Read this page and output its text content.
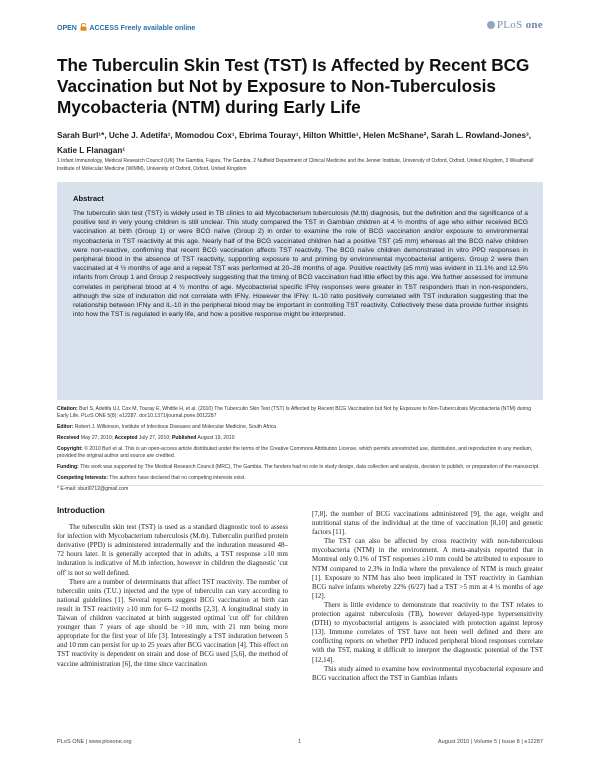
OPEN ACCESS Freely available online	PLoS one
The Tuberculin Skin Test (TST) Is Affected by Recent BCG Vaccination but Not by Exposure to Non-Tuberculosis Mycobacteria (NTM) during Early Life
Sarah Burl¹*, Uche J. Adetifa¹, Momodou Cox¹, Ebrima Touray¹, Hilton Whittle¹, Helen McShane², Sarah L. Rowland-Jones³, Katie L Flanagan¹
1 Infant Immunology, Medical Research Council (UK) The Gambia, Fajara, The Gambia, 2 Nuffield Department of Clinical Medicine and the Jenner Institute, University of Oxford, Oxford, United Kingdom, 3 Weatherall Institute of Molecular Medicine (WIMM), University of Oxford, Oxford, United Kingdom
Abstract
The tuberculin skin test (TST) is widely used in TB clinics to aid Mycobacterium tuberculosis (M.tb) diagnosis, but the definition and the significance of a positive test in very young children is still unclear. This study compared the TST in Gambian children at 4 ½ months of age who either received BCG vaccination at birth (Group 1) or were BCG naïve (Group 2) in order to examine the role of BCG vaccination and/or exposure to environmental mycobacteria in TST reactivity at this age. Nearly half of the BCG vaccinated children had a positive TST (≥5 mm) whereas all the BCG naïve children were non-reactive, confirming that recent BCG vaccination affects TST reactivity. The BCG naïve children demonstrated in vitro PPD responses in peripheral blood in the absence of TST reactivity, supporting exposure to and priming by environmental mycobacterial antigens. Group 2 were then vaccinated at 4 ½ months of age and a repeat TST was performed at 20–28 months of age. Positive reactivity (≥5 mm) was evident in 11.1% and 12.5% infants from Group 1 and Group 2 respectively suggesting that the timing of BCG vaccination had little effect by this age. We further assessed for immune correlates in peripheral blood at 4 ½ months of age. Mycobacterial specific IFNγ responses were greater in TST responders than in non-responders, although the size of induration did not correlate with IFNγ. However the IFNγ: IL-10 ratio positively correlated with TST induration suggesting that the relationship between IFNγ and IL-10 in the peripheral blood may be important in controlling TST reactivity. Collectively these data provide further insights into how the TST is regulated in early life, and how a positive response might be interpreted.

Citation: Burl S, Adetifa UJ, Cox M, Touray E, Whittle H, et al. (2010) The Tuberculin Skin Test (TST) Is Affected by Recent BCG Vaccination but Not by Exposure to Non-Tuberculosis Mycobacteria (NTM) during Early Life. PLoS ONE 5(8): e12287. doi:10.1371/journal.pone.0012287

Editor: Robert J. Wilkinson, Institute of Infectious Diseases and Molecular Medicine, South Africa

Received May 27, 2010; Accepted July 27, 2010; Published August 19, 2010

Copyright: © 2010 Burl et al. This is an open-access article distributed under the terms of the Creative Commons Attribution License, which permits unrestricted use, distribution, and reproduction in any medium, provided the original author and source are credited.

Funding: This work was supported by The Medical Research Council (MRC), The Gambia. The funders had no role in study design, data collection and analysis, decision to publish, or preparation of the manuscript.

Competing Interests: The authors have declared that no competing interests exist.

* E-mail: sburl0712@gmail.com

Introduction

The tuberculin skin test (TST) is used as a standard diagnostic tool to assess for infection with Mycobacterium tuberculosis (M.tb). Tuberculin purified protein derivative (PPD) is administered intradermally and the induration measured 48–72 hours later. It is generally accepted that in adults, a TST response ≥10 mm induration is indicative of M.tb infection, however in children the diagnostic 'cut off' is not so well defined.

There are a number of determinants that affect TST reactivity. The number of tuberculin units (T.U.) injected and the type of tuberculin can vary according to national guidelines [1]. Several reports suggest BCG vaccination at birth can result in TST reactivity ≥10 mm for 6–12 months [2,3]. A longitudinal study in Taiwan of children vaccinated at birth suggested optimal 'cut off' for children younger than 7 years of age should be >10 mm, with 21 mm being more appropriate for the first year of life [3]. Interestingly a TST induration between 5 and 10 mm can persist for up to 25 years after BCG vaccination [4]. This effect on TST reactivity is dependent on strain and dose of BCG used [5,6], the method of vaccine administration [6], the time since vaccination

[7,8], the number of BCG vaccinations administered [9], the age, weight and nutritional status of the individual at the time of vaccination [8,10] and genetic factors [11].

The TST can also be affected by cross reactivity with non-tuberculous mycobacteria (NTM) in the environment. A meta-analysis reported that in Montreal only 0.1% of TST responses ≥10 mm could be attributed to exposure to NTM compared to 2.3% in India where the prevalence of NTM is much greater [1]. Exposure to NTM has also been implicated in TST reactivity in Gambian BCG naïve infants whereby 22% (6/27) had a TST >5 mm at 4 ½ months of age [12].

There is little evidence to demonstrate that reactivity to the TST relates to protection against tuberculosis (TB), however delayed-type hypersensitivity (DTH) to mycobacterial antigens is associated with protection against leprosy [13]. Immune correlates of TST have not been well defined and there are conflicting reports on whether PPD induced peripheral blood responses correlate with the TST, making it difficult to interpret the diagnostic potential of the TST [12,14].

This study aimed to examine how environmental mycobacterial exposure and BCG vaccination affect the TST in Gambian infants

PLoS ONE | www.plosone.org	1	August 2010 | Volume 5 | Issue 8 | e12287
